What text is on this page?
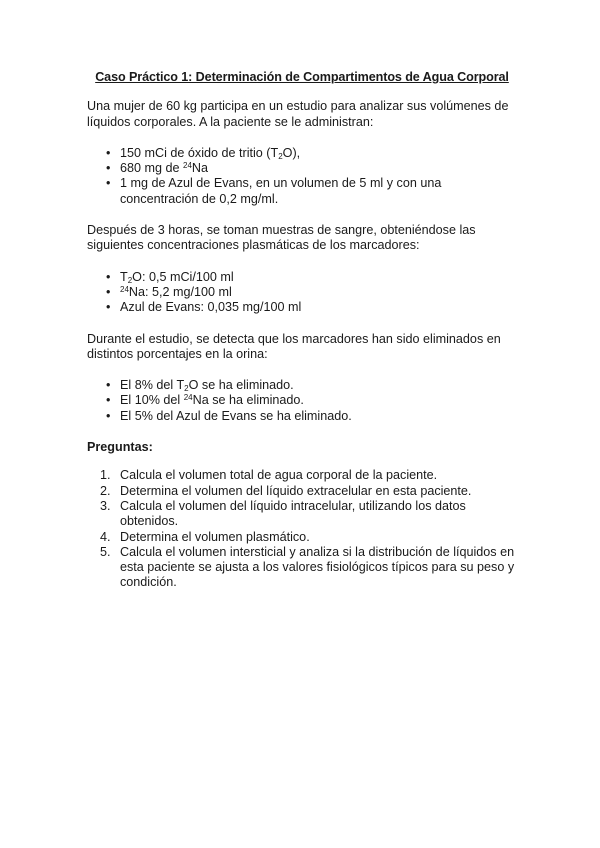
Caso Práctico 1: Determinación de Compartimentos de Agua Corporal

Una mujer de 60 kg participa en un estudio para analizar sus volúmenes de líquidos corporales. A la paciente se le administran:

• 150 mCi de óxido de tritio $(T_2O)$,
• 680 mg de $^{24}$Na
• 1 mg de Azul de Evans, en un volumen de 5 ml y con una concentración de 0,2 mg/ml.

Después de 3 horas, se toman muestras de sangre, obteniéndose las siguientes concentraciones plasmáticas de los marcadores:

• $T_2O$: 0,5 mCi/100 ml
• $^{24}$Na: 5,2 mg/100 ml
• Azul de Evans: 0,035 mg/100 ml

Durante el estudio, se detecta que los marcadores han sido eliminados en distintos porcentajes en la orina:

• El 8% del $T_2O$ se ha eliminado.
• El 10% del $^{24}$Na se ha eliminado.
• El 5% del Azul de Evans se ha eliminado.
Preguntas:
1. Calcula el volumen total de agua corporal de la paciente.
2. Determina el volumen del líquido extracelular en esta paciente.
3. Calcula el volumen del líquido intracelular, utilizando los datos obtenidos.
4. Determina el volumen plasmático.
5. Calcula el volumen intersticial y analiza si la distribución de líquidos en esta paciente se ajusta a los valores fisiológicos típicos para su peso y condición.
